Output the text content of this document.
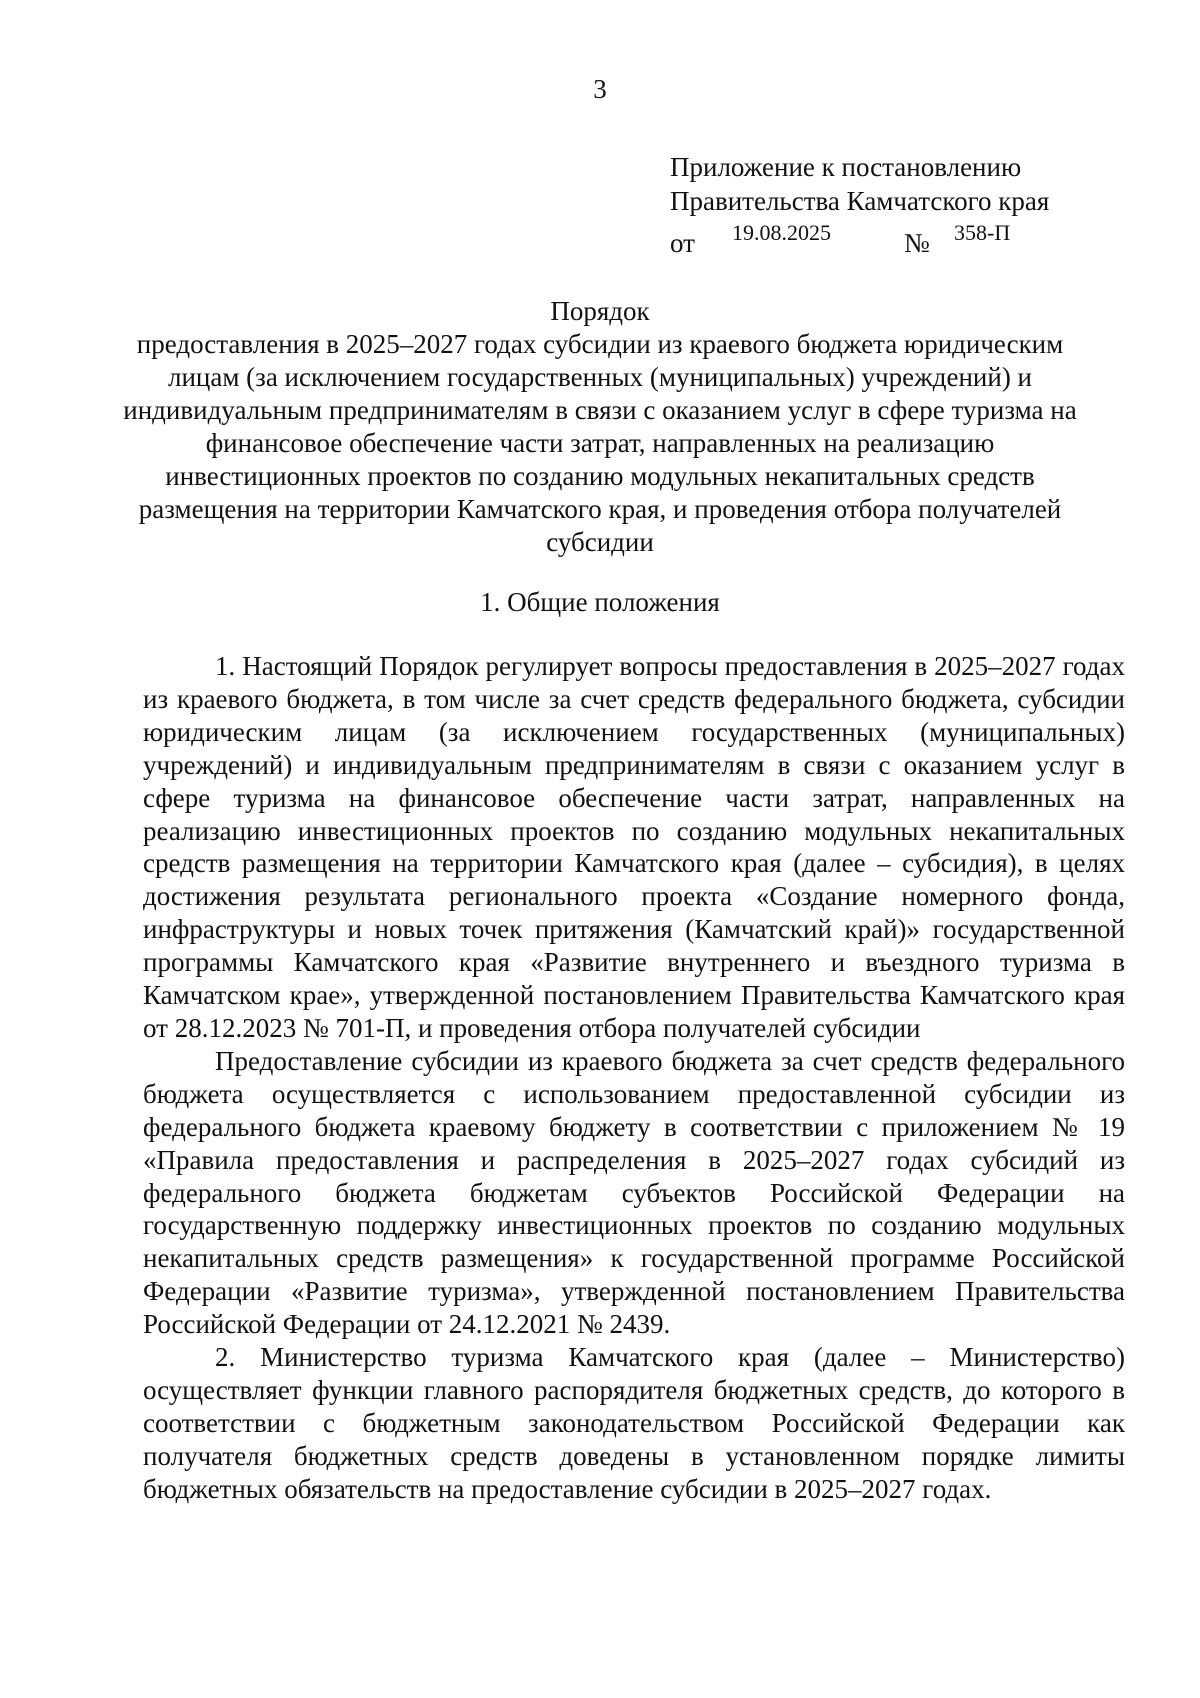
3
Приложение к постановлению
Правительства Камчатского края
от 19.08.2025	№ 358-П
Порядок
предоставления в 2025–2027 годах субсидии из краевого бюджета юридическим лицам (за исключением государственных (муниципальных) учреждений) и индивидуальным предпринимателям в связи с оказанием услуг в сфере туризма на финансовое обеспечение части затрат, направленных на реализацию инвестиционных проектов по созданию модульных некапитальных средств размещения на территории Камчатского края, и проведения отбора получателей субсидии
1. Общие положения

1. Настоящий Порядок регулирует вопросы предоставления в 2025–2027 годах из краевого бюджета, в том числе за счет средств федерального бюджета, субсидии юридическим лицам (за исключением государственных (муниципальных) учреждений) и индивидуальным предпринимателям в связи с оказанием услуг в сфере туризма на финансовое обеспечение части затрат, направленных на реализацию инвестиционных проектов по созданию модульных некапитальных средств размещения на территории Камчатского края (далее – субсидия), в целях достижения результата регионального проекта «Создание номерного фонда, инфраструктуры и новых точек притяжения (Камчатский край)» государственной программы Камчатского края «Развитие внутреннего и въездного туризма в Камчатском крае», утвержденной постановлением Правительства Камчатского края от 28.12.2023 № 701-П, и проведения отбора получателей субсидии

Предоставление субсидии из краевого бюджета за счет средств федерального бюджета осуществляется с использованием предоставленной субсидии из федерального бюджета краевому бюджету в соответствии с приложением № 19 «Правила предоставления и распределения в 2025–2027 годах субсидий из федерального бюджета бюджетам субъектов Российской Федерации на государственную поддержку инвестиционных проектов по созданию модульных некапитальных средств размещения» к государственной программе Российской Федерации «Развитие туризма», утвержденной постановлением Правительства Российской Федерации от 24.12.2021 № 2439.

2. Министерство туризма Камчатского края (далее – Министерство) осуществляет функции главного распорядителя бюджетных средств, до которого в соответствии с бюджетным законодательством Российской Федерации как получателя бюджетных средств доведены в установленном порядке лимиты бюджетных обязательств на предоставление субсидии в 2025–2027 годах.
